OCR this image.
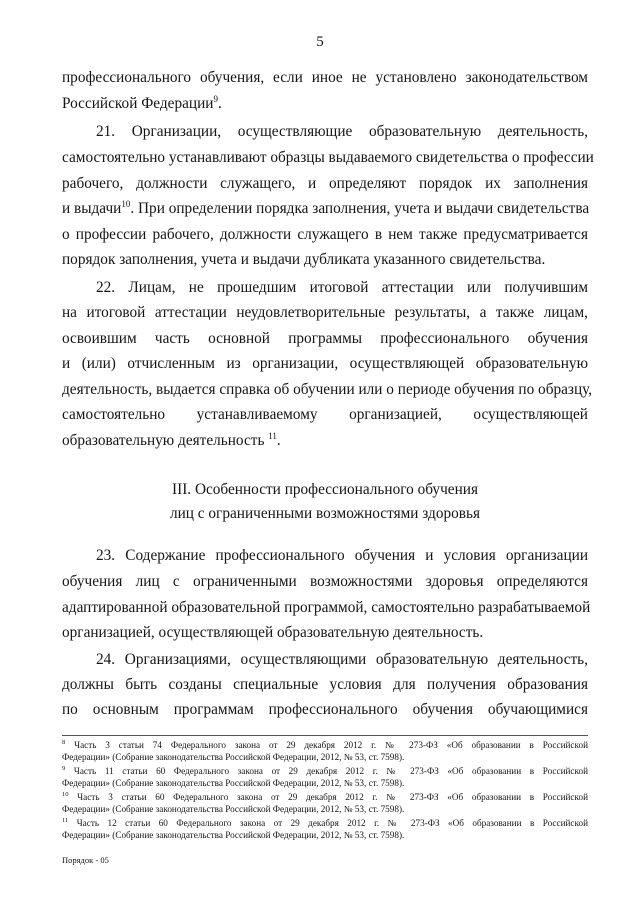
5
профессионального обучения, если иное не установлено законодательством
Российской Федерации$^9$.
21. Организации, осуществляющие образовательную деятельность,
самостоятельно устанавливают образцы выдаваемого свидетельства о профессии
рабочего, должности служащего, и определяют порядок их заполнения
и выдачи$^{10}$. При определении порядка заполнения, учета и выдачи свидетельства
о профессии рабочего, должности служащего в нем также предусматривается
порядок заполнения, учета и выдачи дубликата указанного свидетельства.
22. Лицам, не прошедшим итоговой аттестации или получившим
на итоговой аттестации неудовлетворительные результаты, а также лицам,
освоившим часть основной программы профессионального обучения
и (или) отчисленным из организации, осуществляющей образовательную
деятельность, выдается справка об обучении или о периоде обучения по образцу,
самостоятельно устанавливаемому организацией, осуществляющей
образовательную деятельность $^{11}$.
III. Особенности профессионального обучения
лиц с ограниченными возможностями здоровья
23. Содержание профессионального обучения и условия организации
обучения лиц с ограниченными возможностями здоровья определяются
адаптированной образовательной программой, самостоятельно разрабатываемой
организацией, осуществляющей образовательную деятельность.
24. Организациями, осуществляющими образовательную деятельность,
должны быть созданы специальные условия для получения образования
по основным программам профессионального обучения обучающимися
$^8$ Часть 3 статьи 74 Федерального закона от 29 декабря 2012 г. № 273-ФЗ «Об образовании в Российской
Федерации» (Собрание законодательства Российской Федерации, 2012, № 53, ст. 7598).
$^9$ Часть 11 статьи 60 Федерального закона от 29 декабря 2012 г. № 273-ФЗ «Об образовании в Российской
Федерации» (Собрание законодательства Российской Федерации, 2012, № 53, ст. 7598).
$^{10}$ Часть 3 статьи 60 Федерального закона от 29 декабря 2012 г. № 273-ФЗ «Об образовании в Российской
Федерации» (Собрание законодательства Российской Федерации, 2012, № 53, ст. 7598).
$^{11}$ Часть 12 статьи 60 Федерального закона от 29 декабря 2012 г. № 273-ФЗ «Об образовании в Российской
Федерации» (Собрание законодательства Российской Федерации, 2012, № 53, ст. 7598).
Порядок - 05
